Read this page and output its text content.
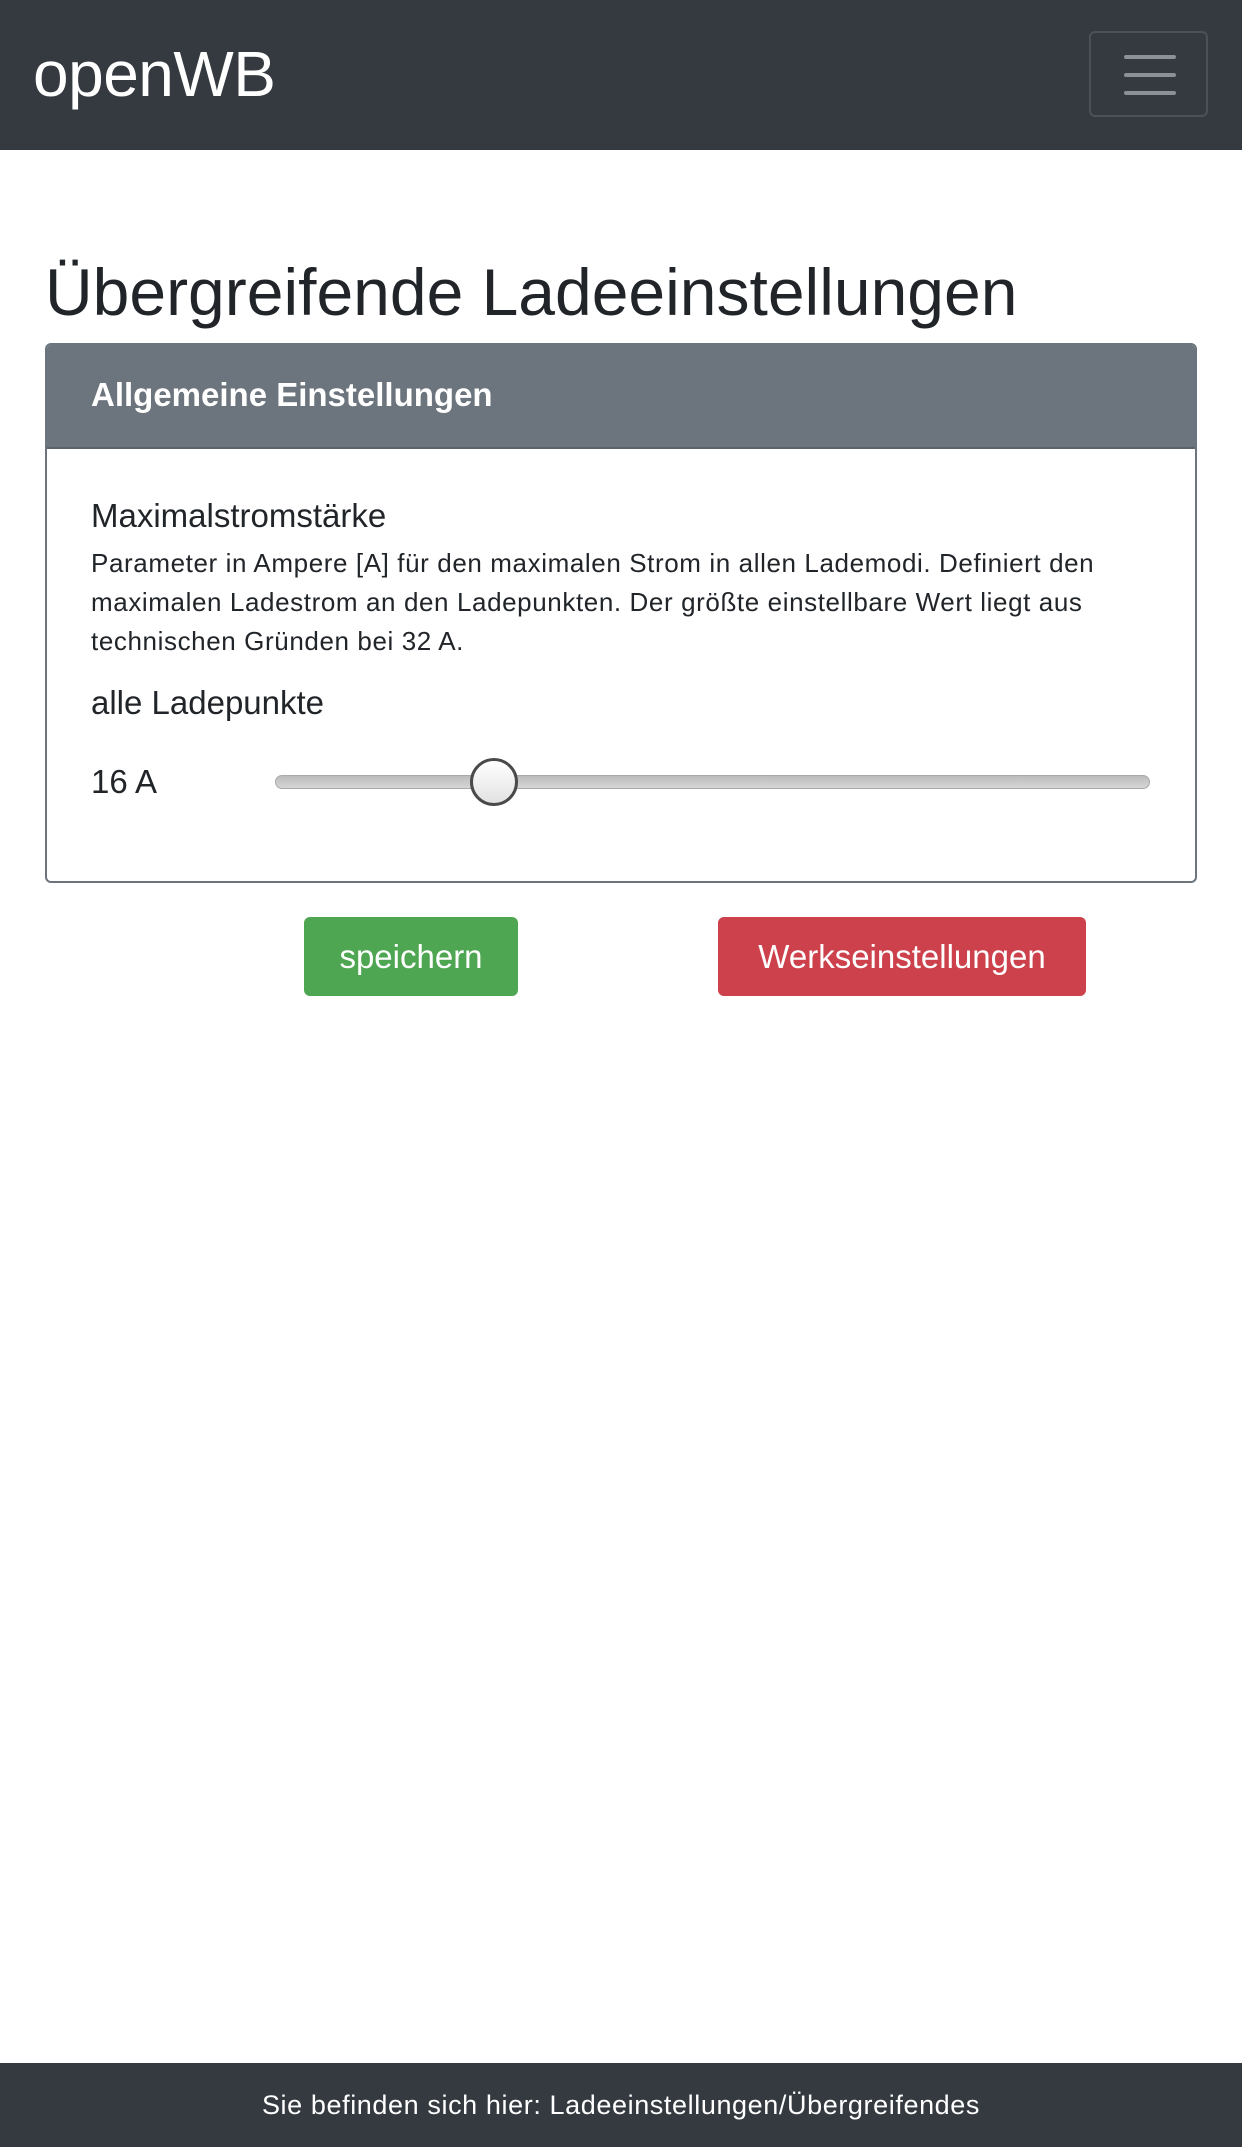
openWB
Übergreifende Ladeeinstellungen
Allgemeine Einstellungen
Maximalstromstärke
Parameter in Ampere [A] für den maximalen Strom in allen Lademodi. Definiert den maximalen Ladestrom an den Ladepunkten. Der größte einstellbare Wert liegt aus technischen Gründen bei 32 A.
alle Ladepunkte
16 A
speichern	Werkseinstellungen
Sie befinden sich hier: Ladeeinstellungen/Übergreifendes
